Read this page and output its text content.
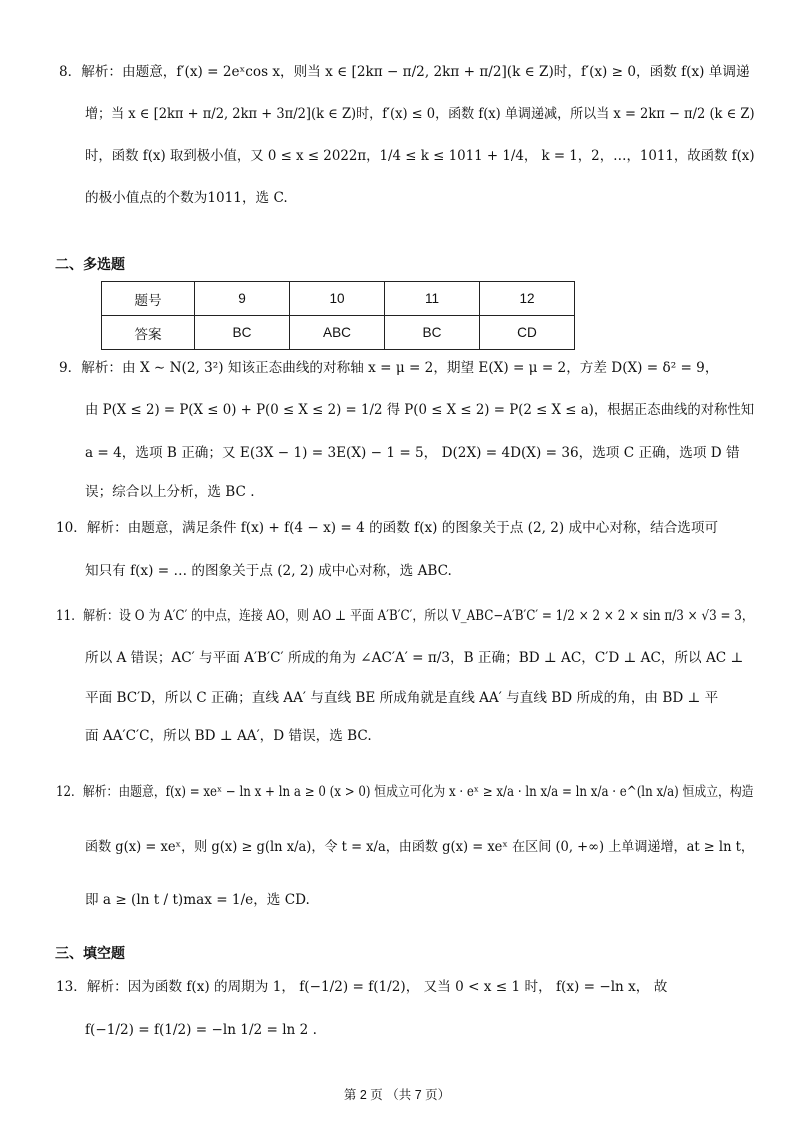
8．解析：由题意，f′(x) = 2eˣcos x，则当 x ∈ [2kπ − π/2, 2kπ + π/2](k ∈ Z)时，f′(x) ≥ 0，函数 f(x) 单调递
增；当 x ∈ [2kπ + π/2, 2kπ + 3π/2](k ∈ Z)时，f′(x) ≤ 0，函数 f(x) 单调递减，所以当 x = 2kπ − π/2 (k ∈ Z)
时，函数 f(x) 取到极小值，又 0 ≤ x ≤ 2022π，1/4 ≤ k ≤ 1011 + 1/4， k = 1，2，…，1011，故函数 f(x)
的极小值点的个数为1011，选 C.
二、多选题
题号	9	10	11	12
答案	BC	ABC	BC	CD
9．解析：由 X ∼ N(2, 3²) 知该正态曲线的对称轴 x = μ = 2，期望 E(X) = μ = 2，方差 D(X) = δ² = 9，
由 P(X ≤ 2) = P(X ≤ 0) + P(0 ≤ X ≤ 2) = 1/2 得 P(0 ≤ X ≤ 2) = P(2 ≤ X ≤ a)，根据正态曲线的对称性知
a = 4，选项 B 正确；又 E(3X − 1) = 3E(X) − 1 = 5， D(2X) = 4D(X) = 36，选项 C 正确，选项 D 错
误；综合以上分析，选 BC .
10．解析：由题意，满足条件 f(x) + f(4 − x) = 4 的函数 f(x) 的图象关于点 (2, 2) 成中心对称，结合选项可
知只有 f(x) = … 的图象关于点 (2, 2) 成中心对称，选 ABC.
11．解析：设 O 为 A′C′ 的中点，连接 AO，则 AO ⊥ 平面 A′B′C′，所以 V_ABC−A′B′C′ = 1/2 × 2 × 2 × sin π/3 × √3 = 3，
所以 A 错误；AC′ 与平面 A′B′C′ 所成的角为 ∠AC′A′ = π/3，B 正确；BD ⊥ AC，C′D ⊥ AC，所以 AC ⊥
平面 BC′D，所以 C 正确；直线 AA′ 与直线 BE 所成角就是直线 AA′ 与直线 BD 所成的角，由 BD ⊥ 平
面 AA′C′C，所以 BD ⊥ AA′，D 错误，选 BC.
12．解析：由题意，f(x) = xeˣ − ln x + ln a ≥ 0 (x > 0) 恒成立可化为 x · eˣ ≥ x/a · ln x/a = ln x/a · e^(ln x/a) 恒成立，构造
函数 g(x) = xeˣ，则 g(x) ≥ g(ln x/a)，令 t = x/a，由函数 g(x) = xeˣ 在区间 (0, +∞) 上单调递增，at ≥ ln t，
即 a ≥ (ln t / t)max = 1/e，选 CD.
三、填空题
13．解析：因为函数 f(x) 的周期为 1， f(−1/2) = f(1/2)， 又当 0 < x ≤ 1 时， f(x) = −ln x， 故
f(−1/2) = f(1/2) = −ln 1/2 = ln 2 .
第 2 页 （共 7 页）
